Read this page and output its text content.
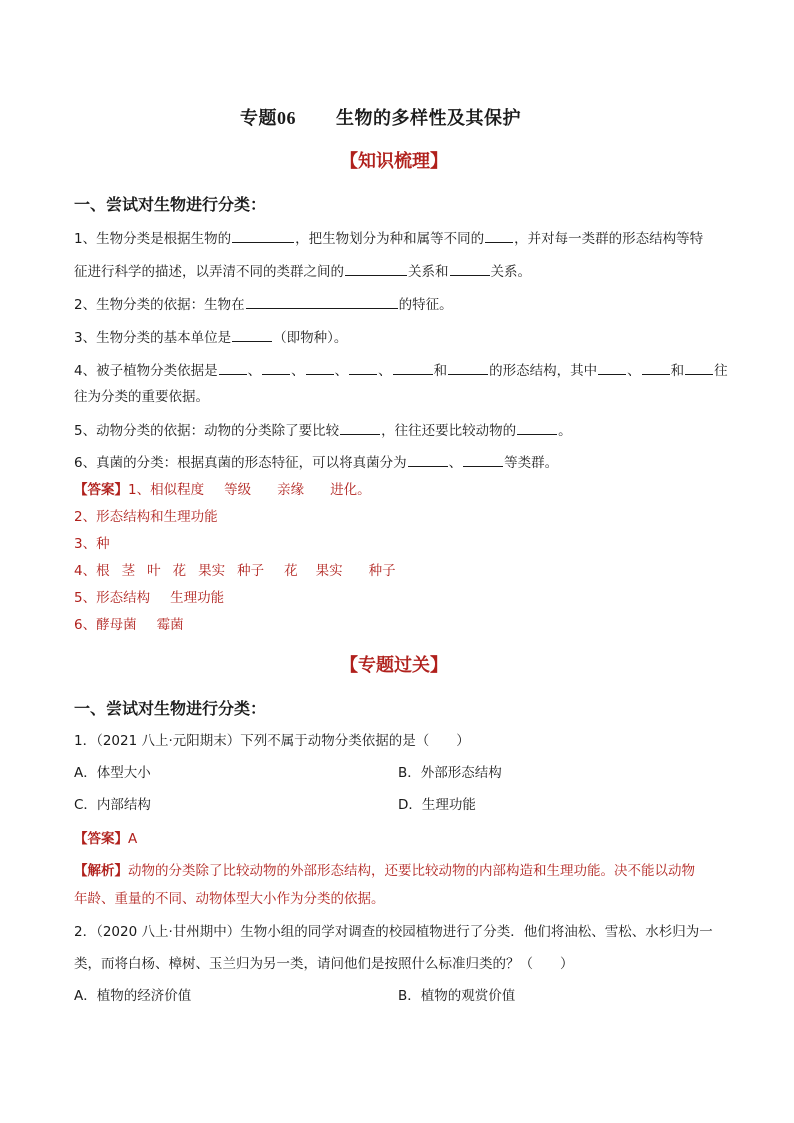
专题06 生物的多样性及其保护
【知识梳理】
一、尝试对生物进行分类：
1、生物分类是根据生物的	，把生物划分为种和属等不同的 ，并对每一类群的形态结构等特
征进行科学的描述，以弄清不同的类群之间的	关系和	关系。
2、生物分类的依据：生物在	的特征。
3、生物分类的基本单位是	（即物种）。
4、被子植物分类依据是 、 、 、 、	和	的形态结构，其中 、 和 往
往为分类的重要依据。
5、动物分类的依据：动物的分类除了要比较	，往往还要比较动物的	。
6、真菌的分类：根据真菌的形态特征，可以将真菌分为	、	等类群。
【答案】1、相似程度 等级 亲缘 进化。
2、形态结构和生理功能
3、种
4、根 茎 叶 花 果实 种子 花 果实 种子
5、形态结构 生理功能
6、酵母菌 霉菌
【专题过关】
一、尝试对生物进行分类：
1．（2021 八上·元阳期末）下列不属于动物分类依据的是（　　）
A．体型大小	B．外部形态结构
C．内部结构	D．生理功能
【答案】A
【解析】动物的分类除了比较动物的外部形态结构，还要比较动物的内部构造和生理功能。决不能以动物
年龄、重量的不同、动物体型大小作为分类的依据。
2．（2020 八上·甘州期中）生物小组的同学对调查的校园植物进行了分类．他们将油松、雪松、水杉归为一
类，而将白杨、樟树、玉兰归为另一类，请问他们是按照什么标准归类的？（　　）
A．植物的经济价值	B．植物的观赏价值
